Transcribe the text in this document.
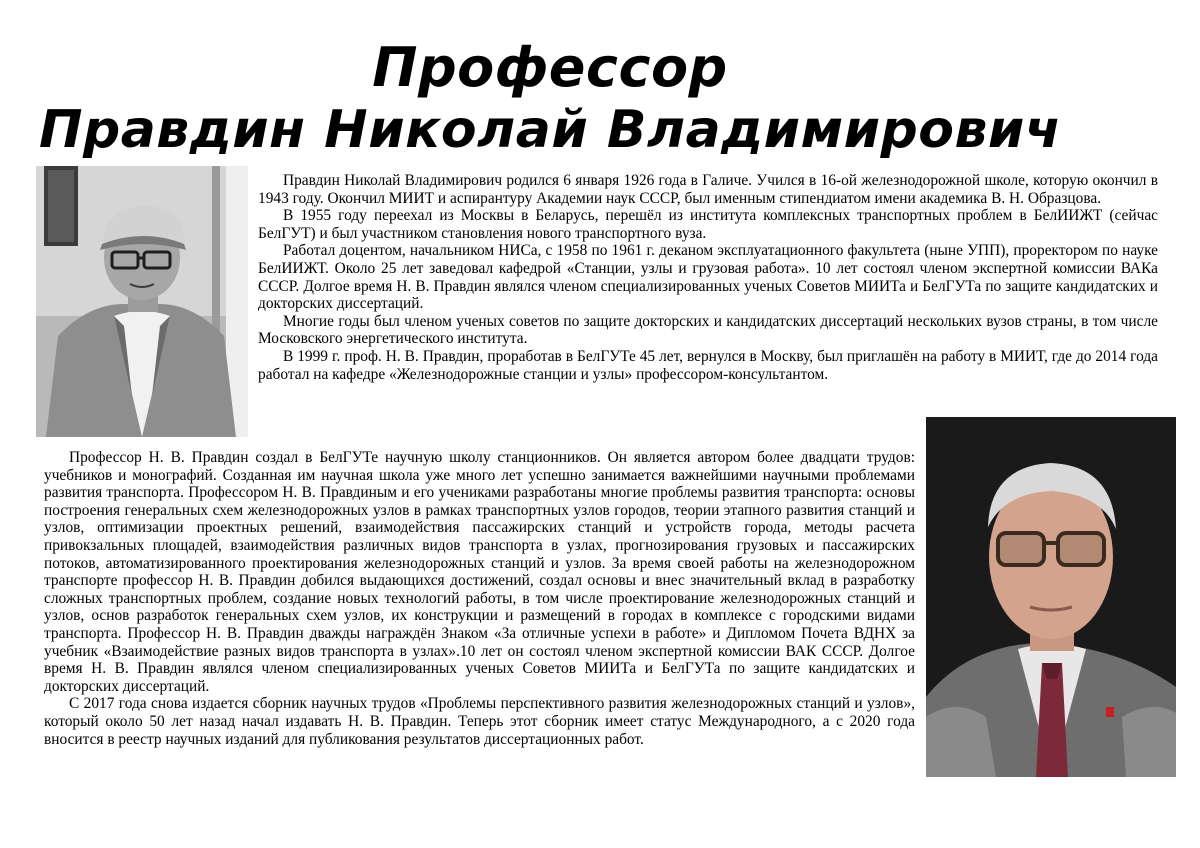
Профессор
Правдин Николай Владимирович

Правдин Николай Владимирович родился 6 января 1926 года в Галиче. Учился в 16-ой железнодорожной школе, которую окончил в 1943 году. Окончил МИИТ и аспирантуру Академии наук СССР, был именным стипендиатом имени академика В. Н. Образцова.

В 1955 году переехал из Москвы в Беларусь, перешёл из института комплексных транспортных проблем в БелИИЖТ (сейчас БелГУТ) и был участником становления нового транспортного вуза.

Работал доцентом, начальником НИСа, с 1958 по 1961 г. деканом эксплуатационного факультета (ныне УПП), проректором по науке БелИИЖТ. Около 25 лет заведовал кафедрой «Станции, узлы и грузовая работа». 10 лет состоял членом экспертной комиссии ВАКа СССР. Долгое время Н. В. Правдин являлся членом специализированных ученых Советов МИИТа и БелГУТа по защите кандидатских и докторских диссертаций.

Многие годы был членом ученых советов по защите докторских и кандидатских диссертаций нескольких вузов страны, в том числе Московского энергетического института.

В 1999 г. проф. Н. В. Правдин, проработав в БелГУТе 45 лет, вернулся в Москву, был приглашён на работу в МИИТ, где до 2014 года работал на кафедре «Железнодорожные станции и узлы» профессором-консультантом.

Профессор Н. В. Правдин создал в БелГУТе научную школу станционников. Он является автором более двадцати трудов: учебников и монографий. Созданная им научная школа уже много лет успешно занимается важнейшими научными проблемами развития транспорта. Профессором Н. В. Правдиным и его учениками разработаны многие проблемы развития транспорта: основы построения генеральных схем железнодорожных узлов в рамках транспортных узлов городов, теории этапного развития станций и узлов, оптимизации проектных решений, взаимодействия пассажирских станций и устройств города, методы расчета привокзальных площадей, взаимодействия различных видов транспорта в узлах, прогнозирования грузовых и пассажирских потоков, автоматизированного проектирования железнодорожных станций и узлов. За время своей работы на железнодорожном транспорте профессор Н. В. Правдин добился выдающихся достижений, создал основы и внес значительный вклад в разработку сложных транспортных проблем, создание новых технологий работы, в том числе проектирование железнодорожных станций и узлов, основ разработок генеральных схем узлов, их конструкции и размещений в городах в комплексе с городскими видами транспорта. Профессор Н. В. Правдин дважды награждён Знаком «За отличные успехи в работе» и Дипломом Почета ВДНХ за учебник «Взаимодействие разных видов транспорта в узлах».10 лет он состоял членом экспертной комиссии ВАК СССР. Долгое время Н. В. Правдин являлся членом специализированных ученых Советов МИИТа и БелГУТа по защите кандидатских и докторских диссертаций.

С 2017 года снова издается сборник научных трудов «Проблемы перспективного развития железнодорожных станций и узлов», который около 50 лет назад начал издавать Н. В. Правдин. Теперь этот сборник имеет статус Международного, а с 2020 года вносится в реестр научных изданий для публикования результатов диссертационных работ.
